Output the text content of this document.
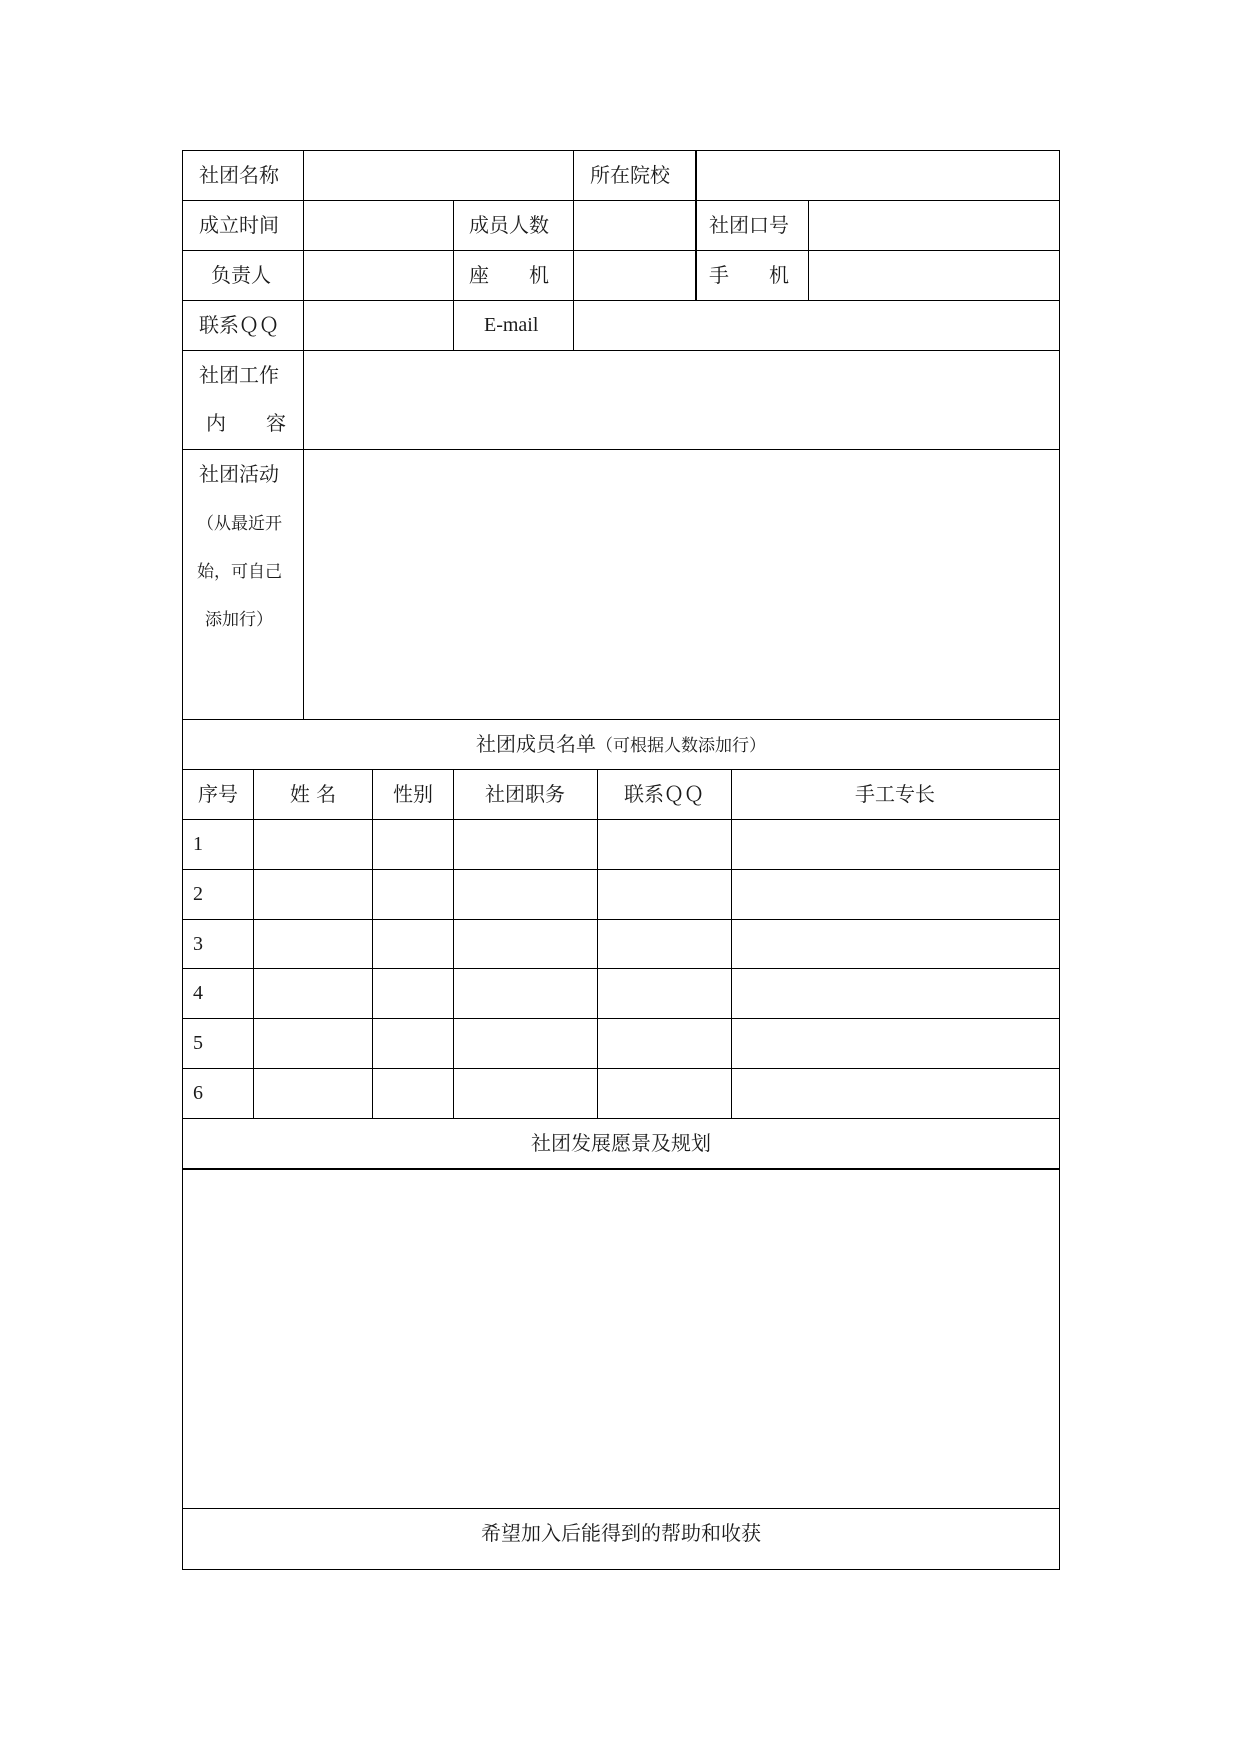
社团名称	所在院校
成立时间	成员人数	社团口号
负责人	座　　机	手　　机
联系ＱＱ	E-mail
社团工作
内　　容
社团活动
（从最近开
始，可自己
添加行）
社团成员名单（可根据人数添加行）
序号	姓 名	性别	社团职务	联系ＱＱ	手工专长
1
2
3
4
5
6
社团发展愿景及规划
希望加入后能得到的帮助和收获
